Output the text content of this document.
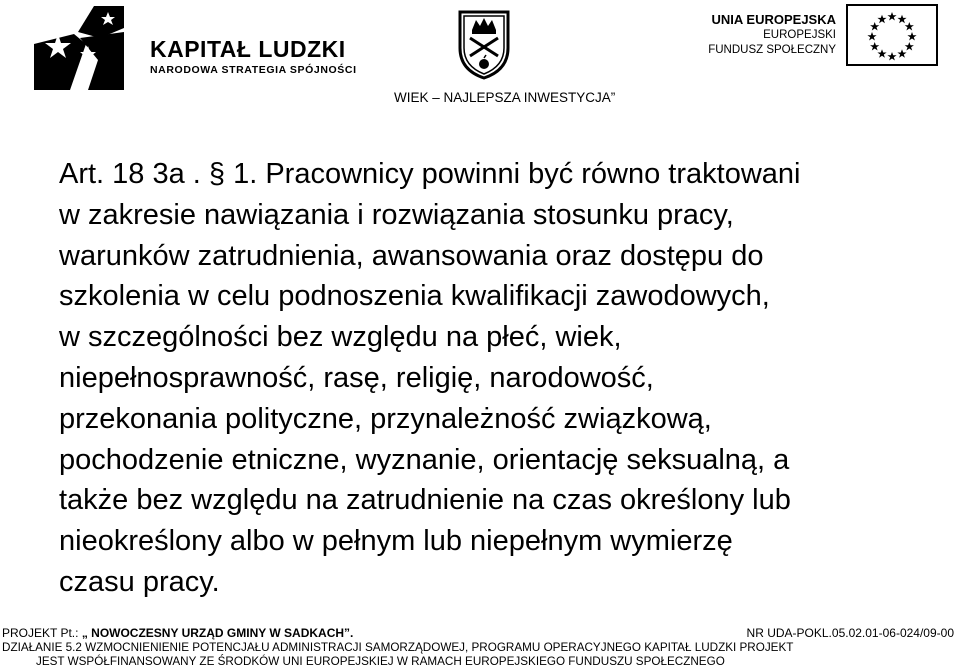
KAPITAŁ LUDZKI
NARODOWA STRATEGIA SPÓJNOŚCI
UNIA EUROPEJSKA
EUROPEJSKI
FUNDUSZ SPOŁECZNY
WIEK – NAJLEPSZA INWESTYCJA”
Art. 18 3a . § 1. Pracownicy powinni być równo traktowani
w zakresie nawiązania i rozwiązania stosunku pracy,
warunków zatrudnienia, awansowania oraz dostępu do
szkolenia w celu podnoszenia kwalifikacji zawodowych,
w szczególności bez względu na płeć, wiek,
niepełnosprawność, rasę, religię, narodowość,
przekonania polityczne, przynależność związkową,
pochodzenie etniczne, wyznanie, orientację seksualną, a
także bez względu na zatrudnienie na czas określony lub
nieokreślony albo w pełnym lub niepełnym wymierzę
czasu pracy.
PROJEKT Pt.: „ NOWOCZESNY URZĄD GMINY W SADKACH”.	NR UDA-POKL.05.02.01-06-024/09-00
DZIAŁANIE 5.2 WZMOCNIENIENIE POTENCJAŁU ADMINISTRACJI SAMORZĄDOWEJ, PROGRAMU OPERACYJNEGO KAPITAŁ LUDZKI PROJEKT
JEST WSPÓŁFINANSOWANY ZE ŚRODKÓW UNI EUROPEJSKIEJ W RAMACH EUROPEJSKIEGO FUNDUSZU SPOŁECZNEGO
